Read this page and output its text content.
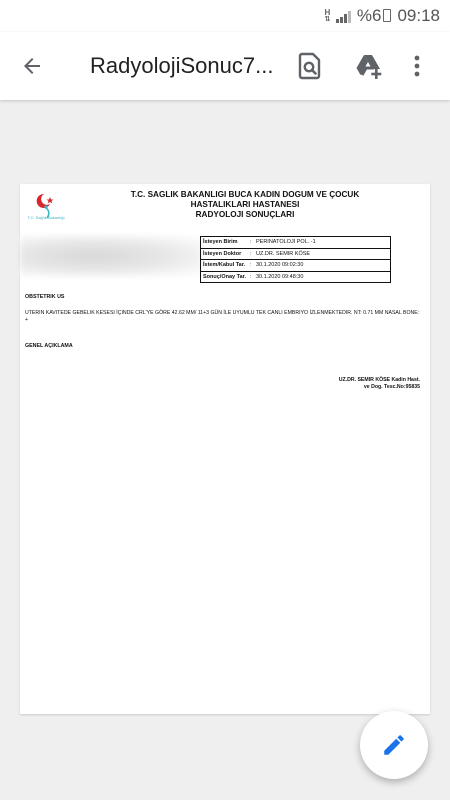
H
⇅ %6 09:18
RadyolojiSonuc7...
T.C. Sağlık Bakanlığı
T.C. SAGLIK BAKANLIGI BUCA KADIN DOGUM VE ÇOCUK
HASTALIKLARI HASTANESI
RADYOLOJI SONUÇLARI
İsteyen Birim	:	PERINATOLOJI POL. -1
İsteyen Doktor	:	UZ.DR. SEMIR KÖSE
İstem/Kabul Tar.	:	30.1.2020 09:02:30
Sonuç/Onay Tar.	:	30.1.2020 09:48:30
OBSTETRIK US
UTERIN KAVITEDE GEBELIK KESESI İÇINDE CRL'YE GÖRE 42.62 MM/ 11+3 GÜN İLE UYUMLU TEK CANLI EMBRIYO İZLENMEKTEDIR. NT: 0.71 MM NASAL BONE: +
GENEL AÇIKLAMA
UZ.DR. SEMIR KÖSE Kadin Hast.
ve Dog. Tesc.No:95835
